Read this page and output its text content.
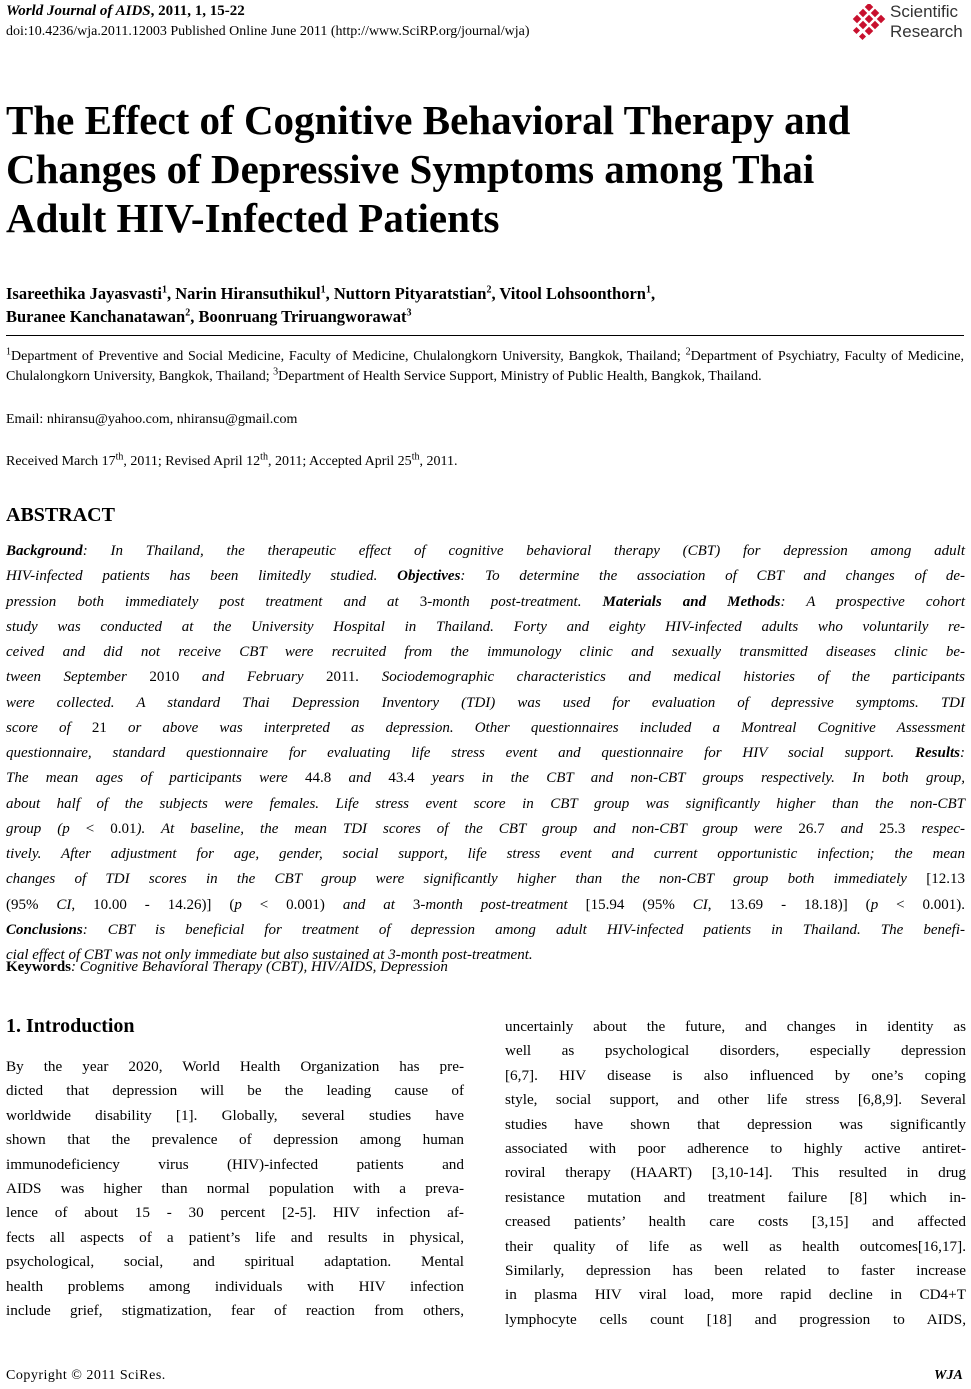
World Journal of AIDS, 2011, 1, 15-22
doi:10.4236/wja.2011.12003 Published Online June 2011 (http://www.SciRP.org/journal/wja)
Scientific
Research
The Effect of Cognitive Behavioral Therapy and
Changes of Depressive Symptoms among Thai
Adult HIV-Infected Patients
Isareethika Jayasvasti$^1$, Narin Hiransuthikul$^1$, Nuttorn Pityaratstian$^2$, Vitool Lohsoonthorn$^1$,
Buranee Kanchanatawan$^2$, Boonruang Triruangworawat$^3$
$^1$Department of Preventive and Social Medicine, Faculty of Medicine, Chulalongkorn University, Bangkok, Thailand; $^2$Department of Psychiatry, Faculty of Medicine, Chulalongkorn University, Bangkok, Thailand; $^3$Department of Health Service Support, Ministry of Public Health, Bangkok, Thailand.
Email: nhiransu@yahoo.com, nhiransu@gmail.com
Received March 17th, 2011; Revised April 12th, 2011; Accepted April 25th, 2011.
ABSTRACT
Background: In Thailand, the therapeutic effect of cognitive behavioral therapy (CBT) for depression among adult
HIV-infected patients has been limitedly studied. Objectives: To determine the association of CBT and changes of de-
pression both immediately post treatment and at 3-month post-treatment. Materials and Methods: A prospective cohort
study was conducted at the University Hospital in Thailand. Forty and eighty HIV-infected adults who voluntarily re-
ceived and did not receive CBT were recruited from the immunology clinic and sexually transmitted diseases clinic be-
tween September 2010 and February 2011. Sociodemographic characteristics and medical histories of the participants
were collected. A standard Thai Depression Inventory (TDI) was used for evaluation of depressive symptoms. TDI
score of 21 or above was interpreted as depression. Other questionnaires included a Montreal Cognitive Assessment
questionnaire, standard questionnaire for evaluating life stress event and questionnaire for HIV social support. Results:
The mean ages of participants were 44.8 and 43.4 years in the CBT and non-CBT groups respectively. In both group,
about half of the subjects were females. Life stress event score in CBT group was significantly higher than the non-CBT
group (p < 0.01). At baseline, the mean TDI scores of the CBT group and non-CBT group were 26.7 and 25.3 respec-
tively. After adjustment for age, gender, social support, life stress event and current opportunistic infection; the mean
changes of TDI scores in the CBT group were significantly higher than the non-CBT group both immediately [12.13
(95% CI, 10.00 - 14.26)] (p < 0.001) and at 3-month post-treatment [15.94 (95% CI, 13.69 - 18.18)] (p < 0.001).
Conclusions: CBT is beneficial for treatment of depression among adult HIV-infected patients in Thailand. The benefi-
cial effect of CBT was not only immediate but also sustained at 3-month post-treatment.
Keywords: Cognitive Behavioral Therapy (CBT), HIV/AIDS, Depression
1. Introduction
By the year 2020, World Health Organization has pre-
dicted that depression will be the leading cause of
worldwide disability [1]. Globally, several studies have
shown that the prevalence of depression among human
immunodeficiency virus (HIV)-infected patients and
AIDS was higher than normal population with a preva-
lence of about 15 - 30 percent [2-5]. HIV infection af-
fects all aspects of a patient’s life and results in physical,
psychological, social, and spiritual adaptation. Mental
health problems among individuals with HIV infection
include grief, stigmatization, fear of reaction from others,
uncertainly about the future, and changes in identity as
well as psychological disorders, especially depression
[6,7]. HIV disease is also influenced by one’s coping
style, social support, and other life stress [6,8,9]. Several
studies have shown that depression was significantly
associated with poor adherence to highly active antiret-
roviral therapy (HAART) [3,10-14]. This resulted in drug
resistance mutation and treatment failure [8] which in-
creased patients’ health care costs [3,15] and affected
their quality of life as well as health outcomes[16,17].
Similarly, depression has been related to faster increase
in plasma HIV viral load, more rapid decline in CD4+T
lymphocyte cells count [18] and progression to AIDS,
Copyright © 2011 SciRes.	WJA
